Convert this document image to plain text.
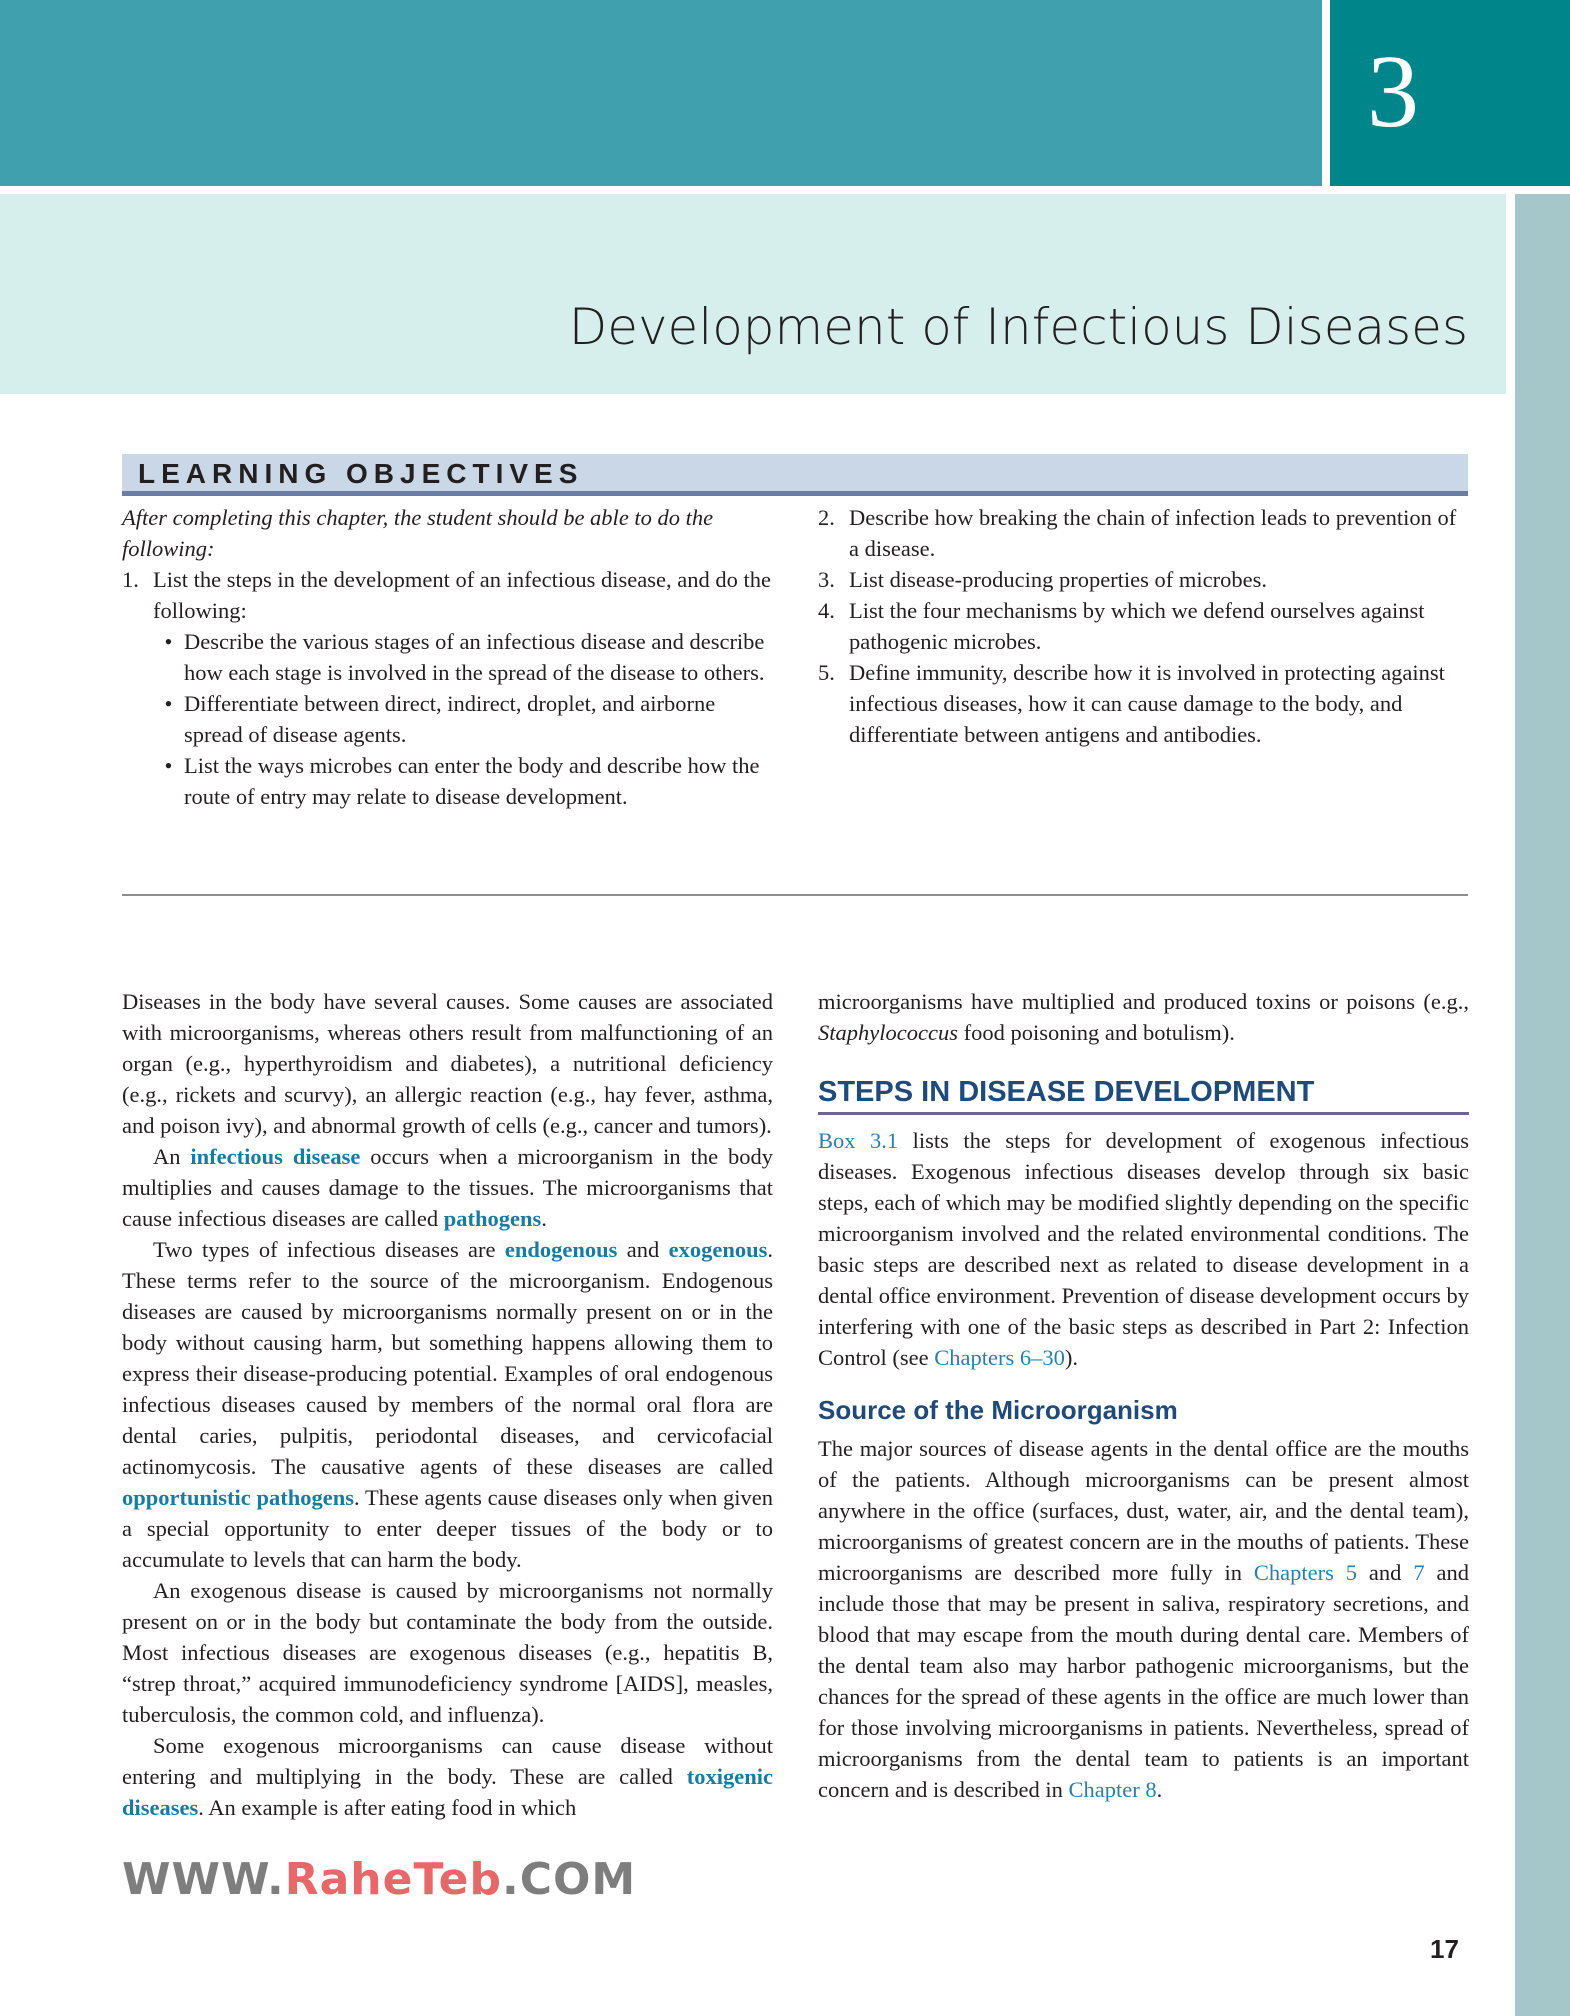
3
Development of Infectious Diseases
LEARNING OBJECTIVES

After completing this chapter, the student should be able to do the following:

1. List the steps in the development of an infectious disease, and do the following:

• Describe the various stages of an infectious disease and describe how each stage is involved in the spread of the disease to others.

• Differentiate between direct, indirect, droplet, and airborne spread of disease agents.

• List the ways microbes can enter the body and describe how the route of entry may relate to disease development.

2. Describe how breaking the chain of infection leads to prevention of a disease.

3. List disease-producing properties of microbes.

4. List the four mechanisms by which we defend ourselves against pathogenic microbes.

5. Define immunity, describe how it is involved in protecting against infectious diseases, how it can cause damage to the body, and differentiate between antigens and antibodies.

Diseases in the body have several causes. Some causes are associated with microorganisms, whereas others result from malfunctioning of an organ (e.g., hyperthyroidism and diabetes), a nutritional deficiency (e.g., rickets and scurvy), an allergic reaction (e.g., hay fever, asthma, and poison ivy), and abnormal growth of cells (e.g., cancer and tumors).

An infectious disease occurs when a microorganism in the body multiplies and causes damage to the tissues. The microorganisms that cause infectious diseases are called pathogens.

Two types of infectious diseases are endogenous and exogenous. These terms refer to the source of the microorganism. Endogenous diseases are caused by microorganisms normally present on or in the body without causing harm, but something happens allowing them to express their disease-producing potential. Examples of oral endogenous infectious diseases caused by members of the normal oral flora are dental caries, pulpitis, periodontal diseases, and cervicofacial actinomycosis. The causative agents of these diseases are called opportunistic pathogens. These agents cause diseases only when given a special opportunity to enter deeper tissues of the body or to accumulate to levels that can harm the body.

An exogenous disease is caused by microorganisms not normally present on or in the body but contaminate the body from the outside. Most infectious diseases are exogenous diseases (e.g., hepatitis B, “strep throat,” acquired immunodeficiency syndrome [AIDS], measles, tuberculosis, the common cold, and influenza).

Some exogenous microorganisms can cause disease without entering and multiplying in the body. These are called toxigenic diseases. An example is after eating food in which

microorganisms have multiplied and produced toxins or poisons (e.g., Staphylococcus food poisoning and botulism).

STEPS IN DISEASE DEVELOPMENT

Box 3.1 lists the steps for development of exogenous infectious diseases. Exogenous infectious diseases develop through six basic steps, each of which may be modified slightly depending on the specific microorganism involved and the related environmental conditions. The basic steps are described next as related to disease development in a dental office environment. Prevention of disease development occurs by interfering with one of the basic steps as described in Part 2: Infection Control (see Chapters 6–30).

Source of the Microorganism

The major sources of disease agents in the dental office are the mouths of the patients. Although microorganisms can be present almost anywhere in the office (surfaces, dust, water, air, and the dental team), microorganisms of greatest concern are in the mouths of patients. These microorganisms are described more fully in Chapters 5 and 7 and include those that may be present in saliva, respiratory secretions, and blood that may escape from the mouth during dental care. Members of the dental team also may harbor pathogenic microorganisms, but the chances for the spread of these agents in the office are much lower than for those involving microorganisms in patients. Nevertheless, spread of microorganisms from the dental team to patients is an important concern and is described in Chapter 8.

WWW.RaheTeb.COM
17
